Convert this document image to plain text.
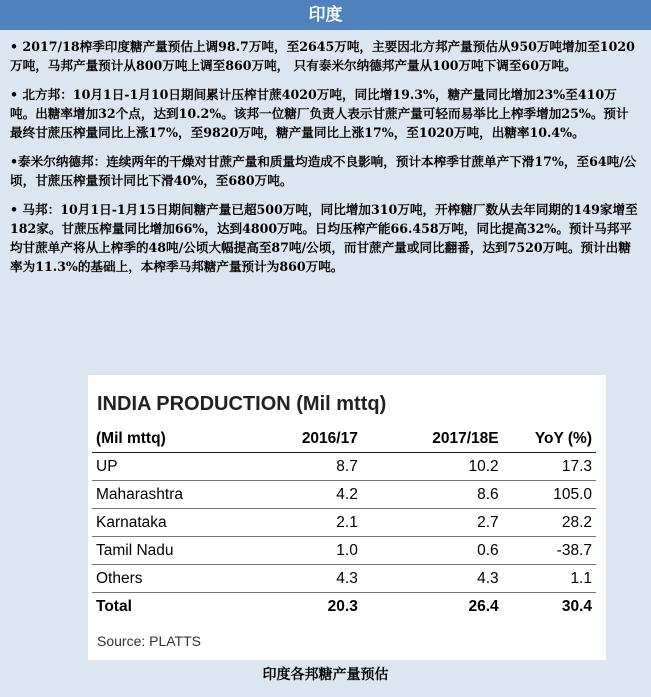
印度

• 2017/18榨季印度糖产量预估上调98.7万吨，至2645万吨，主要因北方邦产量预估从950万吨增加至1020万吨，马邦产量预计从800万吨上调至860万吨， 只有泰米尔纳德邦产量从100万吨下调至60万吨。

• 北方邦：10月1日-1月10日期间累计压榨甘蔗4020万吨，同比增19.3%，糖产量同比增加23%至410万吨。出糖率增加32个点，达到10.2%。该邦一位糖厂负责人表示甘蔗产量可轻而易举比上榨季增加25%。预计最终甘蔗压榨量同比上涨17%，至9820万吨，糖产量同比上涨17%，至1020万吨，出糖率10.4%。

•泰米尔纳德邦：连续两年的干燥对甘蔗产量和质量均造成不良影响，预计本榨季甘蔗单产下滑17%，至64吨/公顷，甘蔗压榨量预计同比下滑40%，至680万吨。

• 马邦：10月1日-1月15日期间糖产量已超500万吨，同比增加310万吨，开榨糖厂数从去年同期的149家增至182家。甘蔗压榨量同比增加66%，达到4800万吨。日均压榨产能66.458万吨，同比提高32%。预计马邦平均甘蔗单产将从上榨季的48吨/公顷大幅提高至87吨/公顷，而甘蔗产量或同比翻番，达到7520万吨。预计出糖率为11.3%的基础上，本榨季马邦糖产量预计为860万吨。

INDIA PRODUCTION (Mil mttq)
(Mil mttq)	2016/17	2017/18E	YoY (%)
UP	8.7	10.2	17.3
Maharashtra	4.2	8.6	105.0
Karnataka	2.1	2.7	28.2
Tamil Nadu	1.0	0.6	-38.7
Others	4.3	4.3	1.1
Total	20.3	26.4	30.4
Source: PLATTS
印度各邦糖产量预估
